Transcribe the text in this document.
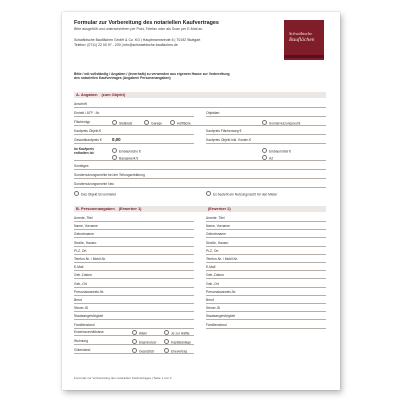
Formular zur Vorbereitung des notariellen Kaufvertrages
Bitte ausgefüllt und unterschrieben per Post, Telefax oder als Scan per E-Mail an
Schwäbische Bauflächen GmbH & Co. KG | Hauptmannsreute 6 | 70192 Stuttgart
Telefon: (0711) 22 00 97 - 200 | info@schwaebische-bauflachen.de
Schwäbische
Bauflächen
Bitte / mit vollständig / Angaben / (innerhalb) zu verwenden aus eigenem Hause zur Vorbereitung
des notariellen Kaufvertrages (Angaben/ Personenangaben)
A. Angaben (zum Objekt)
Anschrift
Einheit / ATP - Nr.	Objektart
Flächentyp	Stellplatz	Garage	Hoffläche	Sondernutzungsrecht
Kaufpreis Objekt €	Kaufpreis Flächenweg €
Gesamtkaufpreis € 0,00	Kaufpreis Objekt inkl. Kosten €
Im Kaufpreis enthalten ist:	Einbauküche €	Einbaumöbel €
Baugewerk €	AZ
Sonstiges
Sondernutzungsrechte bei der Teilungserklärung
Sondernutzungsrechte Neu
Das Objekt ist vermietet	Es besteht ein Nutzungsrecht für den Mieter
B. Personenangaben (Erwerber 1)	(Erwerber 2)
Anrede, Titel	Anrede, Titel
Name, Vorname	Name, Vorname
Geburtsname	Geburtsname
Straße, Hausnr.	Straße, Hausnr.
PLZ, Ort	PLZ, Ort
Telefon-Nr. / Mobil-Nr.	Telefon-Nr. / Mobil-Nr.
E-Mail	E-Mail
Geb.-Datum	Geb.-Datum
Geb.-Ort	Geb.-Ort
Personalausweis-Nr.	Personalausweis-Nr.
Beruf	Beruf
Steuer-ID	Steuer-ID
Staatsangehörigkeit	Staatsangehörigkeit
Familienstand	Familienstand
Erwerbsverhältnisse	Allein	Je zur Hälfte
Wohnung	Eigennutzer	Kapitalanlage
Güterstand	Gesetzlich	Ehevertrag
Formular zur Vorbereitung des notariellen Kaufvertrages | Seite 1 von 2
